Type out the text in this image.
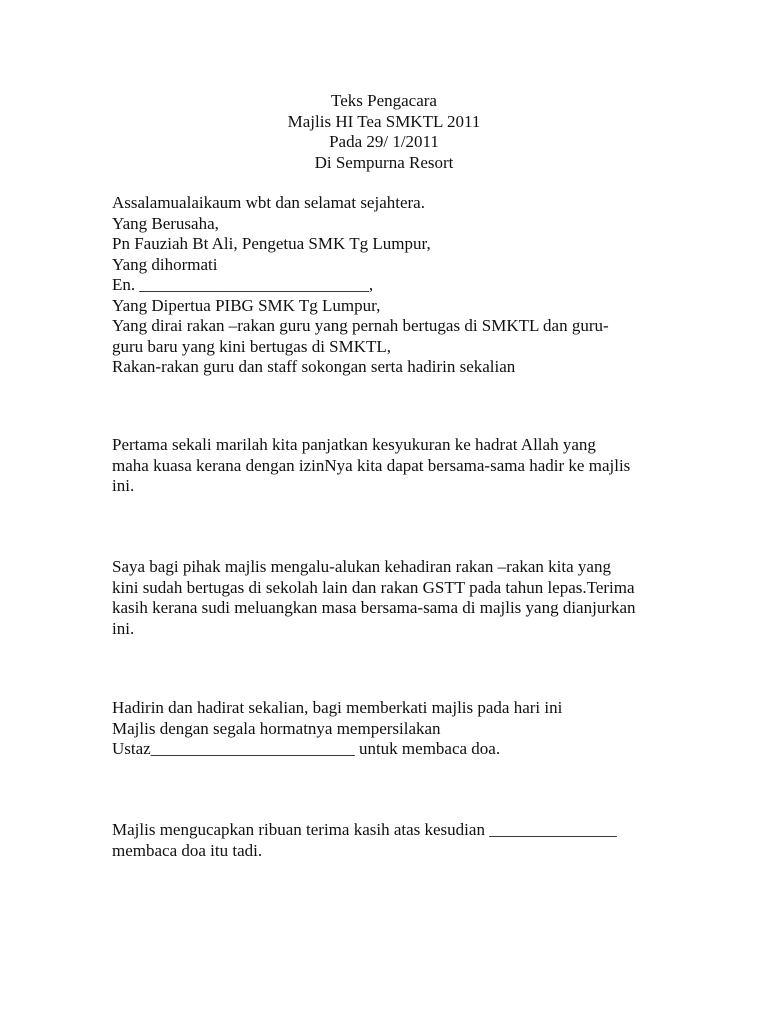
Teks Pengacara
Majlis HI Tea SMKTL 2011
Pada 29/ 1/2011
Di Sempurna Resort
Assalamualaikaum wbt dan selamat sejahtera.
Yang Berusaha,
Pn Fauziah Bt Ali, Pengetua SMK Tg Lumpur,
Yang dihormati
En. ___________________________,
Yang Dipertua PIBG SMK Tg Lumpur,
Yang dirai rakan –rakan guru yang pernah bertugas di SMKTL dan guru-
guru baru yang kini bertugas di SMKTL,
Rakan-rakan guru dan staff sokongan serta hadirin sekalian
Pertama sekali marilah kita panjatkan kesyukuran ke hadrat Allah yang
maha kuasa kerana dengan izinNya kita dapat bersama-sama hadir ke majlis
ini.
Saya bagi pihak majlis mengalu-alukan kehadiran rakan –rakan kita yang
kini sudah bertugas di sekolah lain dan rakan GSTT pada tahun lepas.Terima
kasih kerana sudi meluangkan masa bersama-sama di majlis yang dianjurkan
ini.
Hadirin dan hadirat sekalian, bagi memberkati majlis pada hari ini
Majlis dengan segala hormatnya mempersilakan
Ustaz________________________ untuk membaca doa.
Majlis mengucapkan ribuan terima kasih atas kesudian _______________
membaca doa itu tadi.
